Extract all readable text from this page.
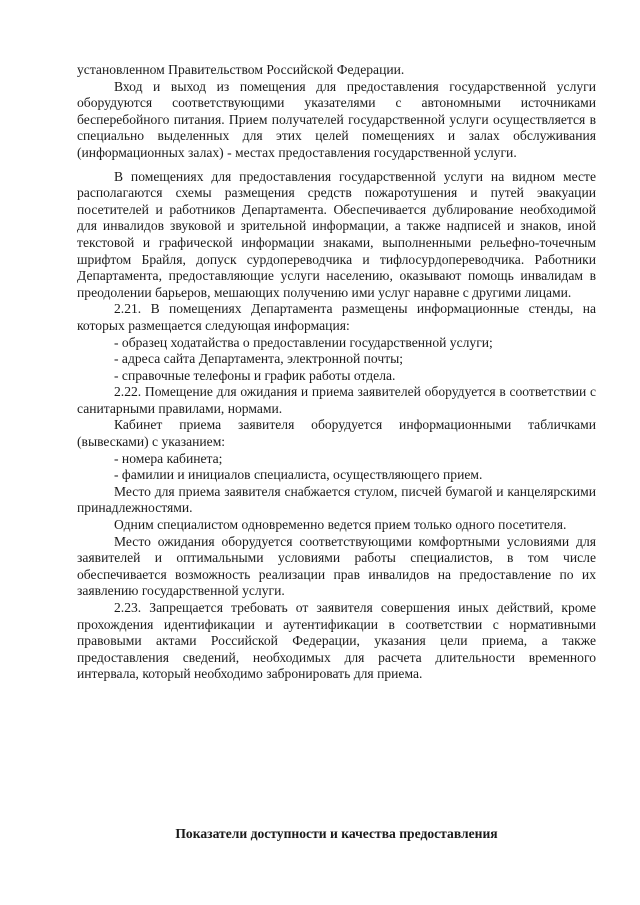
установленном Правительством Российской Федерации.

Вход и выход из помещения для предоставления государственной услуги оборудуются соответствующими указателями с автономными источниками бесперебойного питания. Прием получателей государственной услуги осуществляется в специально выделенных для этих целей помещениях и залах обслуживания (информационных залах) - местах предоставления государственной услуги.

В помещениях для предоставления государственной услуги на видном месте располагаются схемы размещения средств пожаротушения и путей эвакуации посетителей и работников Департамента. Обеспечивается дублирование необходимой для инвалидов звуковой и зрительной информации, а также надписей и знаков, иной текстовой и графической информации знаками, выполненными рельефно-точечным шрифтом Брайля, допуск сурдопереводчика и тифлосурдопереводчика. Работники Департамента, предоставляющие услуги населению, оказывают помощь инвалидам в преодолении барьеров, мешающих получению ими услуг наравне с другими лицами.

2.21. В помещениях Департамента размещены информационные стенды, на которых размещается следующая информация:

- образец ходатайства о предоставлении государственной услуги;

- адреса сайта Департамента, электронной почты;

- справочные телефоны и график работы отдела.

2.22. Помещение для ожидания и приема заявителей оборудуется в соответствии с санитарными правилами, нормами.

Кабинет приема заявителя оборудуется информационными табличками (вывесками) с указанием:

- номера кабинета;

- фамилии и инициалов специалиста, осуществляющего прием.

Место для приема заявителя снабжается стулом, писчей бумагой и канцелярскими принадлежностями.

Одним специалистом одновременно ведется прием только одного посетителя.

Место ожидания оборудуется соответствующими комфортными условиями для заявителей и оптимальными условиями работы специалистов, в том числе обеспечивается возможность реализации прав инвалидов на предоставление по их заявлению государственной услуги.

2.23. Запрещается требовать от заявителя совершения иных действий, кроме прохождения идентификации и аутентификации в соответствии с нормативными правовыми актами Российской Федерации, указания цели приема, а также предоставления сведений, необходимых для расчета длительности временного интервала, который необходимо забронировать для приема.

Показатели доступности и качества предоставления
